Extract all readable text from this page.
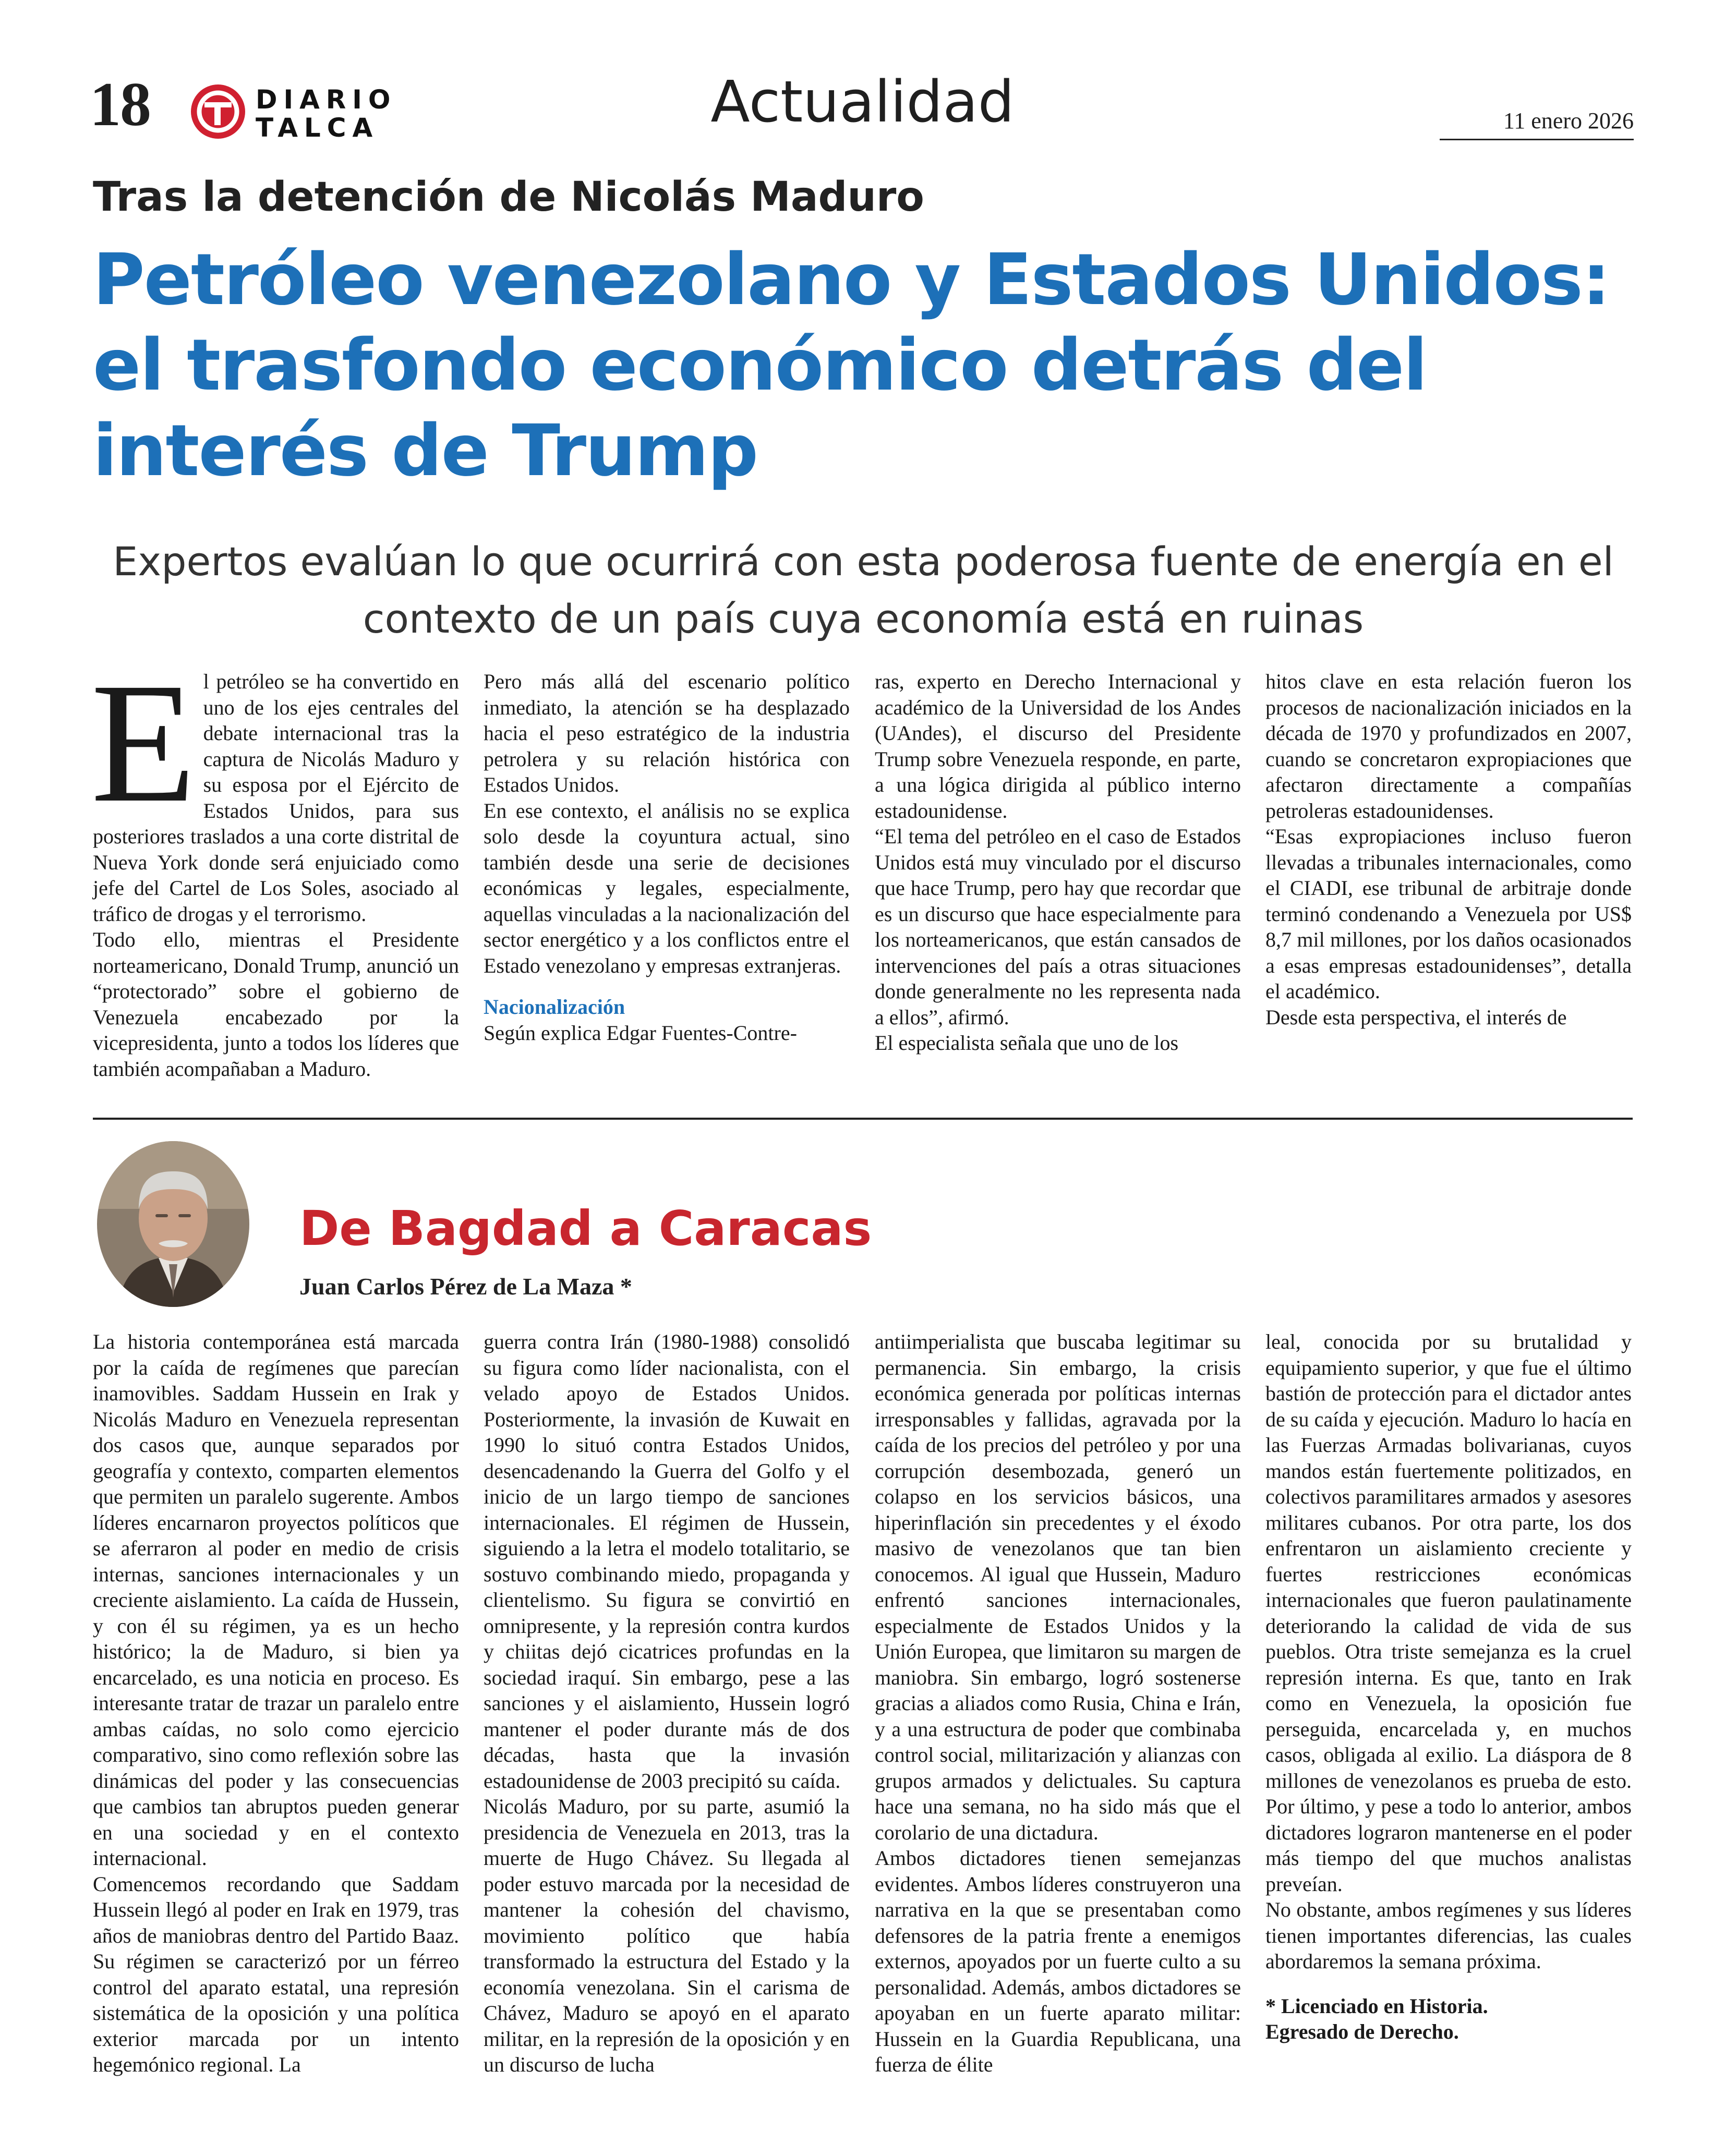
18	DIARIO
TALCA	Actualidad	11 enero 2026
Tras la detención de Nicolás Maduro
Petróleo venezolano y Estados Unidos: el trasfondo económico detrás del interés de Trump
Expertos evalúan lo que ocurrirá con esta poderosa fuente de energía en el contexto de un país cuya economía está en ruinas

El petróleo se ha convertido en uno de los ejes centrales del debate internacional tras la captura de Nicolás Maduro y su esposa por el Ejército de Estados Unidos, para sus posteriores traslados a una corte distrital de Nueva York donde será enjuiciado como jefe del Cartel de Los Soles, asociado al tráfico de drogas y el terrorismo.

Todo ello, mientras el Presidente norteamericano, Donald Trump, anunció un “protectorado” sobre el gobierno de Venezuela encabezado por la vicepresidenta, junto a todos los líderes que también acompañaban a Maduro.

Pero más allá del escenario político inmediato, la atención se ha desplazado hacia el peso estratégico de la industria petrolera y su relación histórica con Estados Unidos.

En ese contexto, el análisis no se explica solo desde la coyuntura actual, sino también desde una serie de decisiones económicas y legales, especialmente, aquellas vinculadas a la nacionalización del sector energético y a los conflictos entre el Estado venezolano y empresas extranjeras.

Nacionalización

Según explica Edgar Fuentes-Contre-

ras, experto en Derecho Internacional y académico de la Universidad de los Andes (UAndes), el discurso del Presidente Trump sobre Venezuela responde, en parte, a una lógica dirigida al público interno estadounidense.

“El tema del petróleo en el caso de Estados Unidos está muy vinculado por el discurso que hace Trump, pero hay que recordar que es un discurso que hace especialmente para los norteamericanos, que están cansados de intervenciones del país a otras situaciones donde generalmente no les representa nada a ellos”, afirmó.

El especialista señala que uno de los

hitos clave en esta relación fueron los procesos de nacionalización iniciados en la década de 1970 y profundizados en 2007, cuando se concretaron expropiaciones que afectaron directamente a compañías petroleras estadounidenses.

“Esas expropiaciones incluso fueron llevadas a tribunales internacionales, como el CIADI, ese tribunal de arbitraje donde terminó condenando a Venezuela por US$ 8,7 mil millones, por los daños ocasionados a esas empresas estadounidenses”, detalla el académico.

Desde esta perspectiva, el interés de

De Bagdad a Caracas
Juan Carlos Pérez de La Maza *

La historia contemporánea está marcada por la caída de regímenes que parecían inamovibles. Saddam Hussein en Irak y Nicolás Maduro en Venezuela representan dos casos que, aunque separados por geografía y contexto, comparten elementos que permiten un paralelo sugerente. Ambos líderes encarnaron proyectos políticos que se aferraron al poder en medio de crisis internas, sanciones internacionales y un creciente aislamiento. La caída de Hussein, y con él su régimen, ya es un hecho histórico; la de Maduro, si bien ya encarcelado, es una noticia en proceso. Es interesante tratar de trazar un paralelo entre ambas caídas, no solo como ejercicio comparativo, sino como reflexión sobre las dinámicas del poder y las consecuencias que cambios tan abruptos pueden generar en una sociedad y en el contexto internacional.

Comencemos recordando que Saddam Hussein llegó al poder en Irak en 1979, tras años de maniobras dentro del Partido Baaz. Su régimen se caracterizó por un férreo control del aparato estatal, una represión sistemática de la oposición y una política exterior marcada por un intento hegemónico regional. La

guerra contra Irán (1980-1988) consolidó su figura como líder nacionalista, con el velado apoyo de Estados Unidos. Posteriormente, la invasión de Kuwait en 1990 lo situó contra Estados Unidos, desencadenando la Guerra del Golfo y el inicio de un largo tiempo de sanciones internacionales. El régimen de Hussein, siguiendo a la letra el modelo totalitario, se sostuvo combinando miedo, propaganda y clientelismo. Su figura se convirtió en omnipresente, y la represión contra kurdos y chiitas dejó cicatrices profundas en la sociedad iraquí. Sin embargo, pese a las sanciones y el aislamiento, Hussein logró mantener el poder durante más de dos décadas, hasta que la invasión estadounidense de 2003 precipitó su caída.

Nicolás Maduro, por su parte, asumió la presidencia de Venezuela en 2013, tras la muerte de Hugo Chávez. Su llegada al poder estuvo marcada por la necesidad de mantener la cohesión del chavismo, movimiento político que había transformado la estructura del Estado y la economía venezolana. Sin el carisma de Chávez, Maduro se apoyó en el aparato militar, en la represión de la oposición y en un discurso de lucha

antiimperialista que buscaba legitimar su permanencia. Sin embargo, la crisis económica generada por políticas internas irresponsables y fallidas, agravada por la caída de los precios del petróleo y por una corrupción desembozada, generó un colapso en los servicios básicos, una hiperinflación sin precedentes y el éxodo masivo de venezolanos que tan bien conocemos. Al igual que Hussein, Maduro enfrentó sanciones internacionales, especialmente de Estados Unidos y la Unión Europea, que limitaron su margen de maniobra. Sin embargo, logró sostenerse gracias a aliados como Rusia, China e Irán, y a una estructura de poder que combinaba control social, militarización y alianzas con grupos armados y delictuales. Su captura hace una semana, no ha sido más que el corolario de una dictadura.

Ambos dictadores tienen semejanzas evidentes. Ambos líderes construyeron una narrativa en la que se presentaban como defensores de la patria frente a enemigos externos, apoyados por un fuerte culto a su personalidad. Además, ambos dictadores se apoyaban en un fuerte aparato militar: Hussein en la Guardia Republicana, una fuerza de élite

leal, conocida por su brutalidad y equipamiento superior, y que fue el último bastión de protección para el dictador antes de su caída y ejecución. Maduro lo hacía en las Fuerzas Armadas bolivarianas, cuyos mandos están fuertemente politizados, en colectivos paramilitares armados y asesores militares cubanos. Por otra parte, los dos enfrentaron un aislamiento creciente y fuertes restricciones económicas internacionales que fueron paulatinamente deteriorando la calidad de vida de sus pueblos. Otra triste semejanza es la cruel represión interna. Es que, tanto en Irak como en Venezuela, la oposición fue perseguida, encarcelada y, en muchos casos, obligada al exilio. La diáspora de 8 millones de venezolanos es prueba de esto. Por último, y pese a todo lo anterior, ambos dictadores lograron mantenerse en el poder más tiempo del que muchos analistas preveían.

No obstante, ambos regímenes y sus líderes tienen importantes diferencias, las cuales abordaremos la semana próxima.

* Licenciado en Historia.
Egresado de Derecho.
